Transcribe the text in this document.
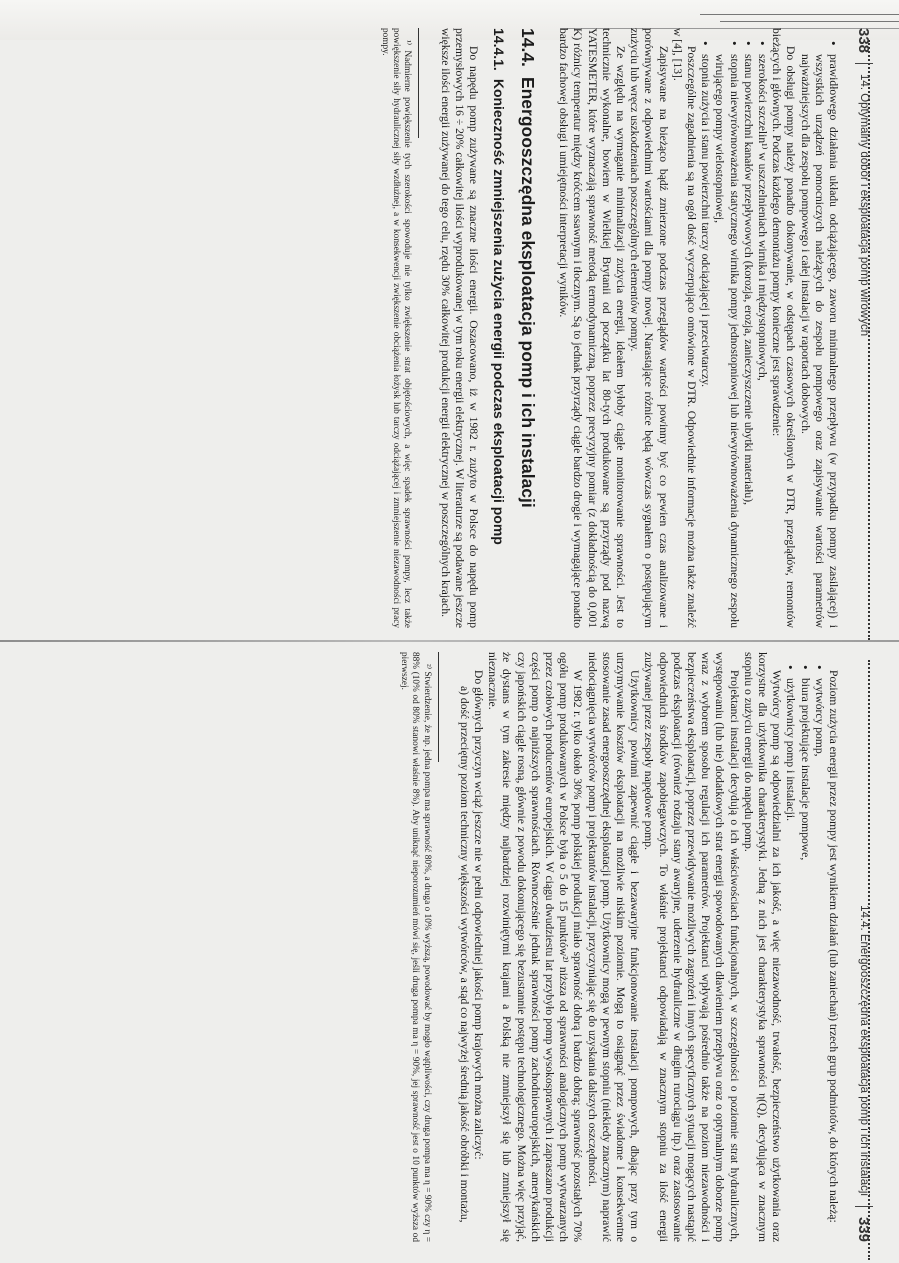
338
14. Optymalny dobór i eksploatacja pomp wirowych
• prawidłowego działania układu odciążającego, zaworu minimalnego przepływu (w przypadku pompy zasilającej) i wszystkich urządzeń pomocniczych należących do zespołu pompowego oraz zapisywanie wartości parametrów najważniejszych dla zespołu pompowego i całej instalacji w raportach dobowych.

Do obsługi pompy należy ponadto dokonywanie, w odstępach czasowych określonych w DTR, przeglądów, remontów bieżących i głównych. Podczas każdego demontażu pompy konieczne jest sprawdzenie:

• szerokości szczelin¹⁾ w uszczelnieniach wirnika i międzystopniowych,
• stanu powierzchni kanałów przepływowych (korozja, erozja, zanieczyszczenie ubytki materiału),
• stopnia niewyrównoważenia statycznego wirnika pompy jednostopniowej lub niewyrównoważenia dynamicznego zespołu wirującego pompy wielostopniowej,
• stopnia zużycia i stanu powierzchni tarczy odciążającej i przeciwtarczy.

Poszczególne zagadnienia są na ogół dość wyczerpująco omówione w DTR. Odpowiednie informacje można także znaleźć w [4], [13].

Zapisywane na bieżąco bądź zmierzone podczas przeglądów wartości powinny być co pewien czas analizowane i porównywane z odpowiednimi wartościami dla pompy nowej. Narastające różnice będą wówczas sygnałem o postępującym zużyciu lub wręcz uszkodzeniach poszczególnych elementów pompy.

Ze względu na wymaganie minimalizacji zużycia energii, ideałem byłoby ciągłe monitorowanie sprawności. Jest to technicznie wykonalne, bowiem w Wielkiej Brytanii od początku lat 80-tych produkowane są przyrządy pod nazwą YATESMETER, które wyznaczają sprawność metodą termodynamiczną, poprzez precyzyjny pomiar (z dokładnością do 0,001 K) różnicy temperatur między króćcem ssawnym i tłocznym. Są to jednak przyrządy ciągle bardzo drogie i wymagające ponadto bardzo fachowej obsługi i umiejętności interpretacji wyników.

14.4.Energooszczędna eksploatacja pomp i ich instalacji
14.4.1.Konieczność zmniejszenia zużycia energii podczas eksploatacji pomp

Do napędu pomp zużywane są znaczne ilości energii. Oszacowano, iż w 1982 r. zużyto w Polsce do napędu pomp przemysłowych 16 ÷ 20% całkowitej ilości wyprodukowanej w tym roku energii elektrycznej. W literaturze są podawane jeszcze większe ilości energii zużywanej do tego celu, rzędu 30% całkowitej produkcji energii elektrycznej w poszczególnych krajach.

¹⁾ Nadmierne powiększenie tych szerokości spowoduje nie tylko zwiększenie strat objętościowych, a więc spadek sprawności pompy, lecz także powiększenie siły hydraulicznej siły wzdłużnej, a w konsekwencji zwiększenie obciążenia łożysk lub tarczy odciążającej i zmniejszenie niezawodności pracy pompy.
14.4. Energooszczędna eksploatacja pomp i ich instalacji
339

Poziom zużycia energii przez pompy jest wynikiem działań (lub zaniechań) trzech grup podmiotów, do których należą:

• wytwórcy pomp,
• biura projektujące instalacje pompowe,
• użytkownicy pomp i instalacji.

Wytwórcy pomp są odpowiedzialni za ich jakość, a więc niezawodność, trwałość, bezpieczeństwo użytkowania oraz korzystne dla użytkownika charakterystyki. Jedną z nich jest charakterystyka sprawności η(Q), decydująca w znacznym stopniu o zużyciu energii do napędu pomp.

Projektanci instalacji decydują o ich właściwościach funkcjonalnych, w szczególności o poziomie strat hydraulicznych, występowaniu (lub nie) dodatkowych strat energii spowodowanych dławieniem przepływu oraz o optymalnym doborze pomp wraz z wyborem sposobu regulacji ich parametrów. Projektanci wpływają pośrednio także na poziom niezawodności i bezpieczeństwa eksploatacji, poprzez przewidywanie możliwych zagrożeń i innych specyficznych sytuacji mogących nastąpić podczas eksploatacji (również rodzaju stany awaryjne, uderzenie hydrauliczne w długim rurociągu itp.) oraz zastosowanie odpowiednich środków zapobiegawczych. To właśnie projektanci odpowiadają w znacznym stopniu za ilość energii zużywanej przez zespoły napędowe pomp.

Użytkownicy powinni zapewnić ciągłe i bezawaryjne funkcjonowanie instalacji pompowych, dbając przy tym o utrzymywanie kosztów eksploatacji na możliwie niskim poziomie. Mogą to osiągnąć przez świadome i konsekwentne stosowanie zasad energooszczędnej eksploatacji pomp. Użytkownicy mogą w pewnym stopniu (niekiedy znacznym) naprawić niedociągnięcia wytwórców pomp i projektantów instalacji, przyczyniając się do uzyskania dalszych oszczędności.

W 1982 r. tylko około 30% pomp polskiej produkcji miało sprawność dobrą i bardzo dobrą; sprawność pozostałych 70% ogółu pomp produkowanych w Polsce była o 5 do 15 punktów²⁾ niższa od sprawności analogicznych pomp wytwarzanych przez czołowych producentów europejskich. W ciągu dwudziestu lat przybyło pomp wysokosprawnych i zapraszano produkcji części pomp o najniższych sprawnościach. Równocześnie jednak sprawności pomp zachodnioeuropejskich, amerykańskich czy japońskich ciągle rosną, głównie z powodu dokonującego się bezustannie postępu technologicznego. Można więc przyjąć, że dystans w tym zakresie między najbardziej rozwiniętymi krajami a Polską nie zmniejszył się lub zmniejszył się nieznacznie.

Do głównych przyczyn wciąż jeszcze nie w pełni odpowiedniej jakości pomp krajowych można zaliczyć:

a) dość przeciętny poziom techniczny większości wytwórców, a stąd co najwyżej średnią jakość obróbki i montażu,
²⁾ Stwierdzenie, że np. jedna pompa ma sprawność 80%, a druga o 10% wyższą, powodować by mogło wątpliwości, czy druga pompa ma η = 90% czy η = 88% (10% od 80% stanowi właśnie 8%). Aby uniknąć nieporozumień mówi się, jeśli druga pompa ma η = 90%, jej sprawność jest o 10 punktów wyższa od pierwszej.
